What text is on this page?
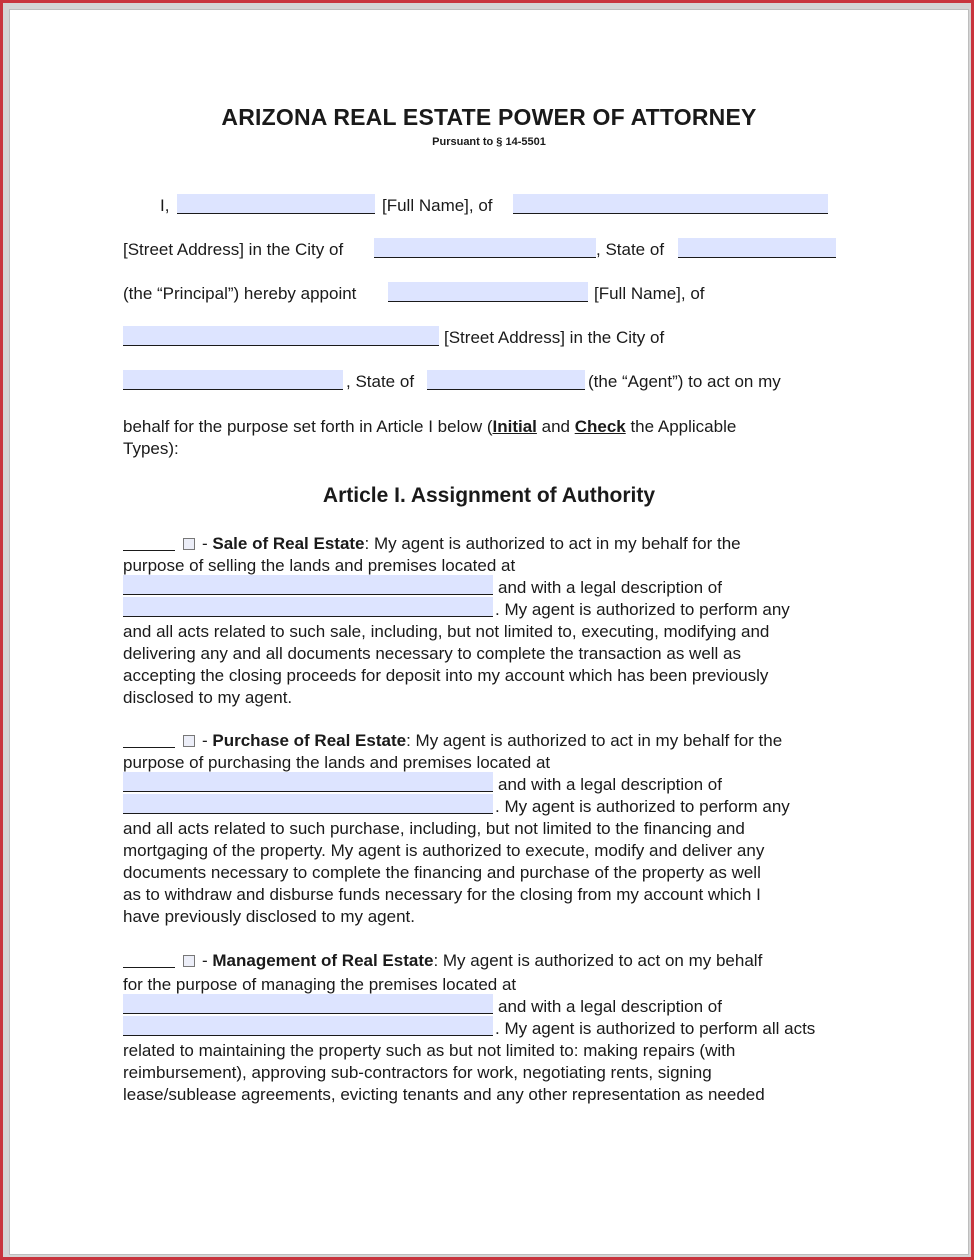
ARIZONA REAL ESTATE POWER OF ATTORNEY
Pursuant to § 14-5501
I,	[Full Name], of
[Street Address] in the City of	, State of
(the “Principal”) hereby appoint	[Full Name], of
[Street Address] in the City of
, State of	(the “Agent”) to act on my
behalf for the purpose set forth in Article I below (Initial and Check the Applicable
Types):
Article I. Assignment of Authority
- Sale of Real Estate: My agent is authorized to act in my behalf for the
purpose of selling the lands and premises located at
and with a legal description of
. My agent is authorized to perform any
and all acts related to such sale, including, but not limited to, executing, modifying and
delivering any and all documents necessary to complete the transaction as well as
accepting the closing proceeds for deposit into my account which has been previously
disclosed to my agent.
- Purchase of Real Estate: My agent is authorized to act in my behalf for the
purpose of purchasing the lands and premises located at
and with a legal description of
. My agent is authorized to perform any
and all acts related to such purchase, including, but not limited to the financing and
mortgaging of the property. My agent is authorized to execute, modify and deliver any
documents necessary to complete the financing and purchase of the property as well
as to withdraw and disburse funds necessary for the closing from my account which I
have previously disclosed to my agent.
- Management of Real Estate: My agent is authorized to act on my behalf
for the purpose of managing the premises located at
and with a legal description of
. My agent is authorized to perform all acts
related to maintaining the property such as but not limited to: making repairs (with
reimbursement), approving sub-contractors for work, negotiating rents, signing
lease/sublease agreements, evicting tenants and any other representation as needed
